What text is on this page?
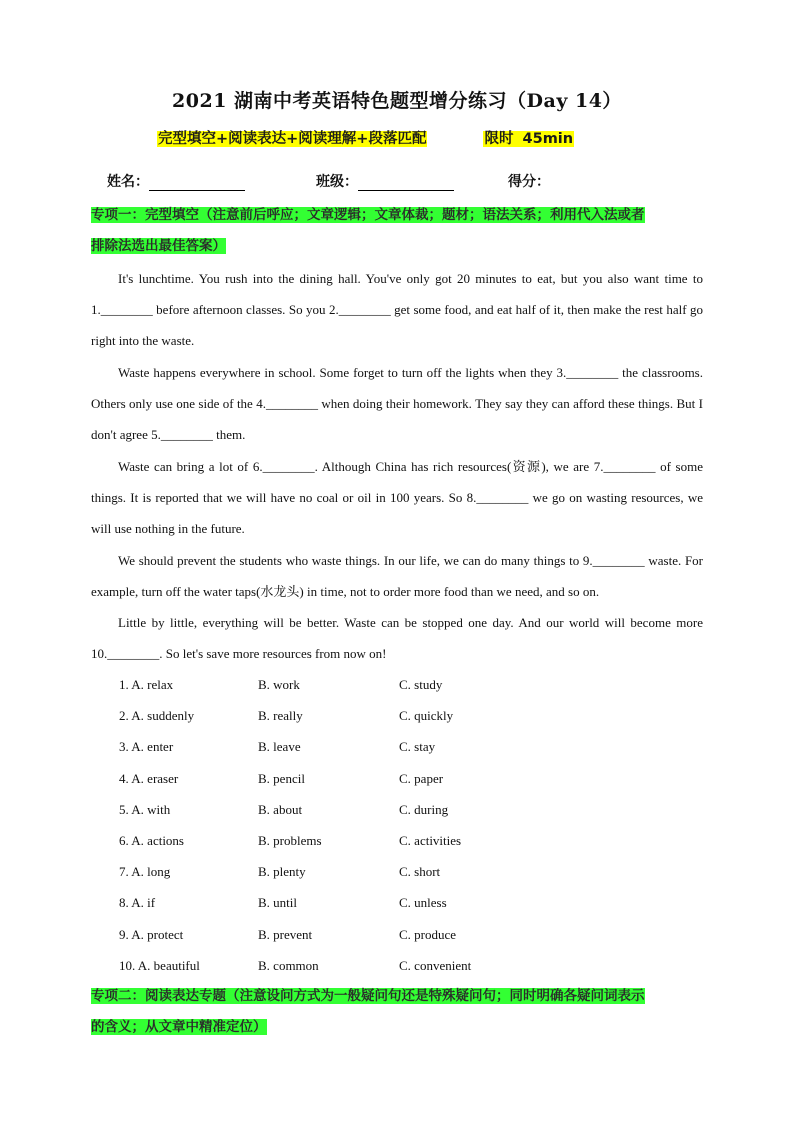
2021 湖南中考英语特色题型增分练习（Day 14）
完型填空+阅读表达+阅读理解+段落匹配	限时 45min
姓名：	班级：	得分：
专项一：完型填空（注意前后呼应；文章逻辑；文章体裁；题材；语法关系；利用代入法或者
排除法选出最佳答案）

It's lunchtime. You rush into the dining hall. You've only got 20 minutes to eat, but you also want time to 1.________ before afternoon classes. So you 2.________ get some food, and eat half of it, then make the rest half go right into the waste.

Waste happens everywhere in school. Some forget to turn off the lights when they 3.________ the classrooms. Others only use one side of the 4.________ when doing their homework. They say they can afford these things. But I don't agree 5.________ them.

Waste can bring a lot of 6.________. Although China has rich resources(资源), we are 7.________ of some things. It is reported that we will have no coal or oil in 100 years. So 8.________ we go on wasting resources, we will use nothing in the future.

We should prevent the students who waste things. In our life, we can do many things to 9.________ waste. For example, turn off the water taps(水龙头) in time, not to order more food than we need, and so on.

Little by little, everything will be better. Waste can be stopped one day. And our world will become more 10.________. So let's save more resources from now on!

1. A. relax	B. work	C. study
2. A. suddenly	B. really	C. quickly
3. A. enter	B. leave	C. stay
4. A. eraser	B. pencil	C. paper
5. A. with	B. about	C. during
6. A. actions	B. problems	C. activities
7. A. long	B. plenty	C. short
8. A. if	B. until	C. unless
9. A. protect	B. prevent	C. produce
10. A. beautiful	B. common	C. convenient
专项二：阅读表达专题（注意设问方式为一般疑问句还是特殊疑问句；同时明确各疑问词表示
的含义；从文章中精准定位）
